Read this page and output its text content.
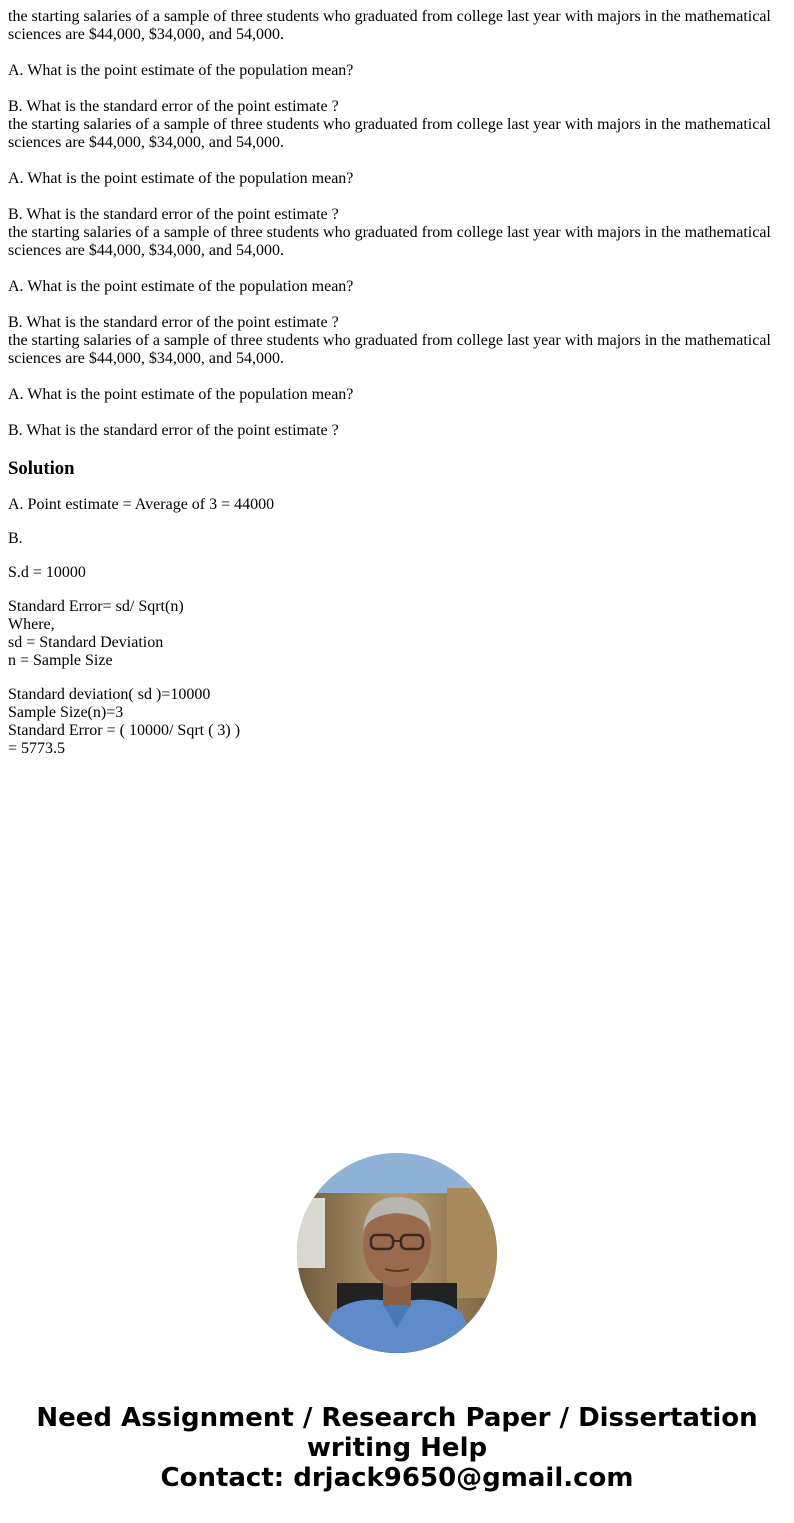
the starting salaries of a sample of three students who graduated from college last year with majors in the mathematical sciences are $44,000, $34,000, and 54,000.

A. What is the point estimate of the population mean?

B. What is the standard error of the point estimate ?

the starting salaries of a sample of three students who graduated from college last year with majors in the mathematical sciences are $44,000, $34,000, and 54,000.

A. What is the point estimate of the population mean?

B. What is the standard error of the point estimate ?

the starting salaries of a sample of three students who graduated from college last year with majors in the mathematical sciences are $44,000, $34,000, and 54,000.

A. What is the point estimate of the population mean?

B. What is the standard error of the point estimate ?

the starting salaries of a sample of three students who graduated from college last year with majors in the mathematical sciences are $44,000, $34,000, and 54,000.

A. What is the point estimate of the population mean?

B. What is the standard error of the point estimate ?

Solution

A. Point estimate = Average of 3 = 44000

B.

S.d = 10000

Standard Error= sd/ Sqrt(n)
Where,
sd = Standard Deviation
n = Sample Size

Standard deviation( sd )=10000
Sample Size(n)=3
Standard Error = ( 10000/ Sqrt ( 3) )
= 5773.5

Need Assignment / Research Paper / Dissertation
writing Help
Contact: drjack9650@gmail.com
